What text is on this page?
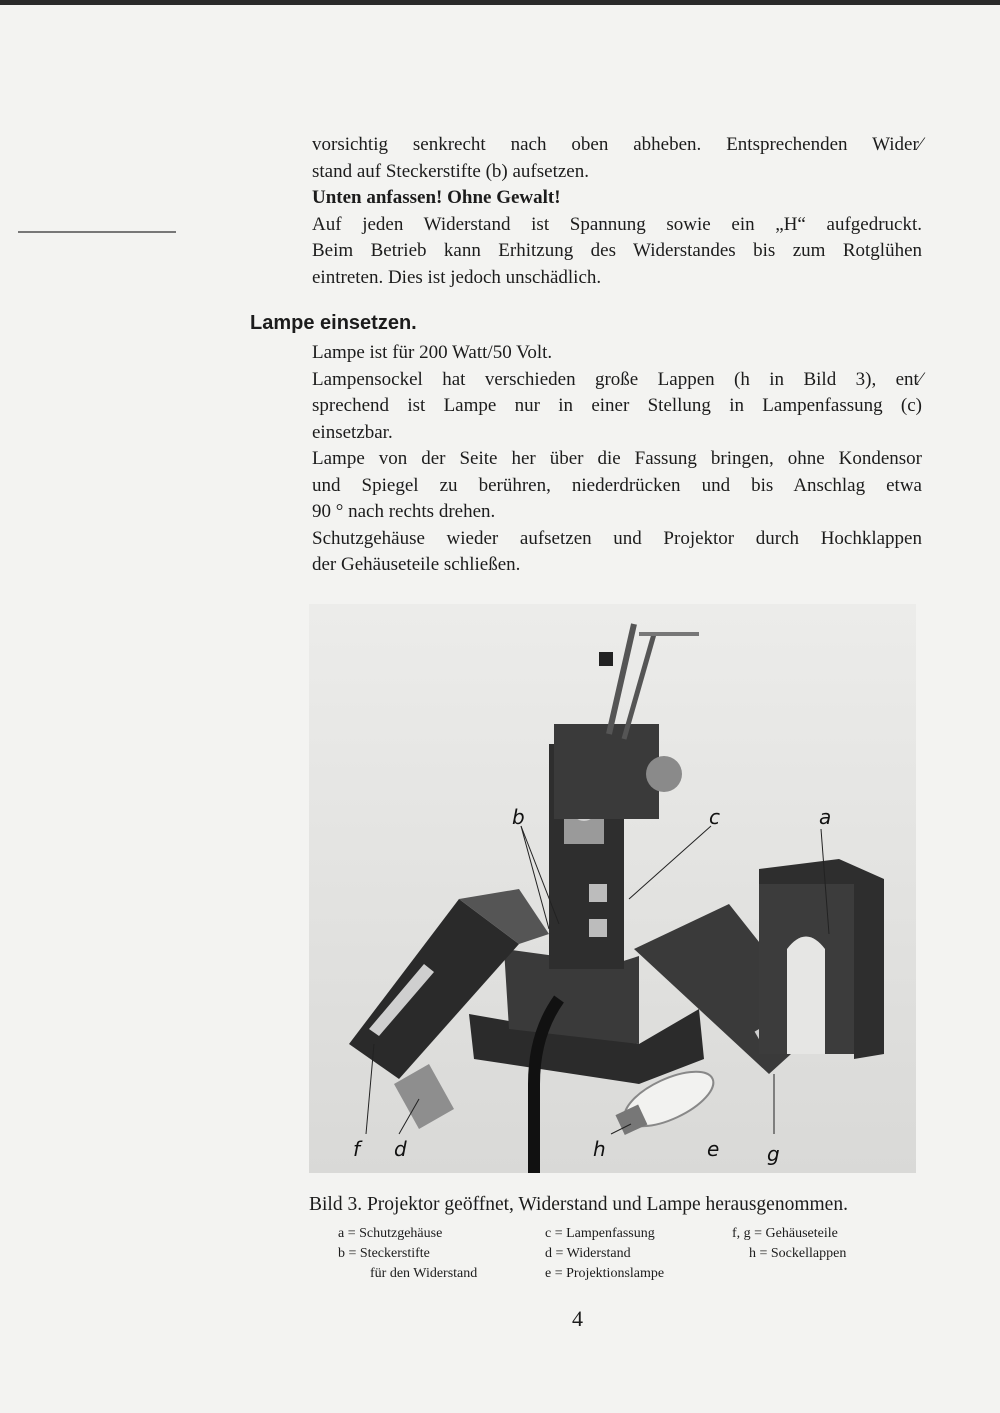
vorsichtig senkrecht nach oben abheben. Entsprechenden Wider⁄

stand auf Steckerstifte (b) aufsetzen.

Unten anfassen! Ohne Gewalt!

Auf jeden Widerstand ist Spannung sowie ein „H“ aufgedruckt.

Beim Betrieb kann Erhitzung des Widerstandes bis zum Rotglühen

eintreten. Dies ist jedoch unschädlich.

Lampe einsetzen.

Lampe ist für 200 Watt/50 Volt.

Lampensockel hat verschieden große Lappen (h in Bild 3), ent⁄

sprechend ist Lampe nur in einer Stellung in Lampenfassung (c)

einsetzbar.

Lampe von der Seite her über die Fassung bringen, ohne Kondensor

und Spiegel zu berühren, niederdrücken und bis Anschlag etwa

90 ° nach rechts drehen.

Schutzgehäuse wieder aufsetzen und Projektor durch Hochklappen

der Gehäuseteile schließen.

b	c	a
f d	h	e g
Bild 3. Projektor geöffnet, Widerstand und Lampe herausgenommen.
a = Schutzgehäuse
b = Steckerstifte
für den Widerstand
c = Lampenfassung
d = Widerstand
e = Projektionslampe
f, g = Gehäuseteile
h = Sockellappen
4
